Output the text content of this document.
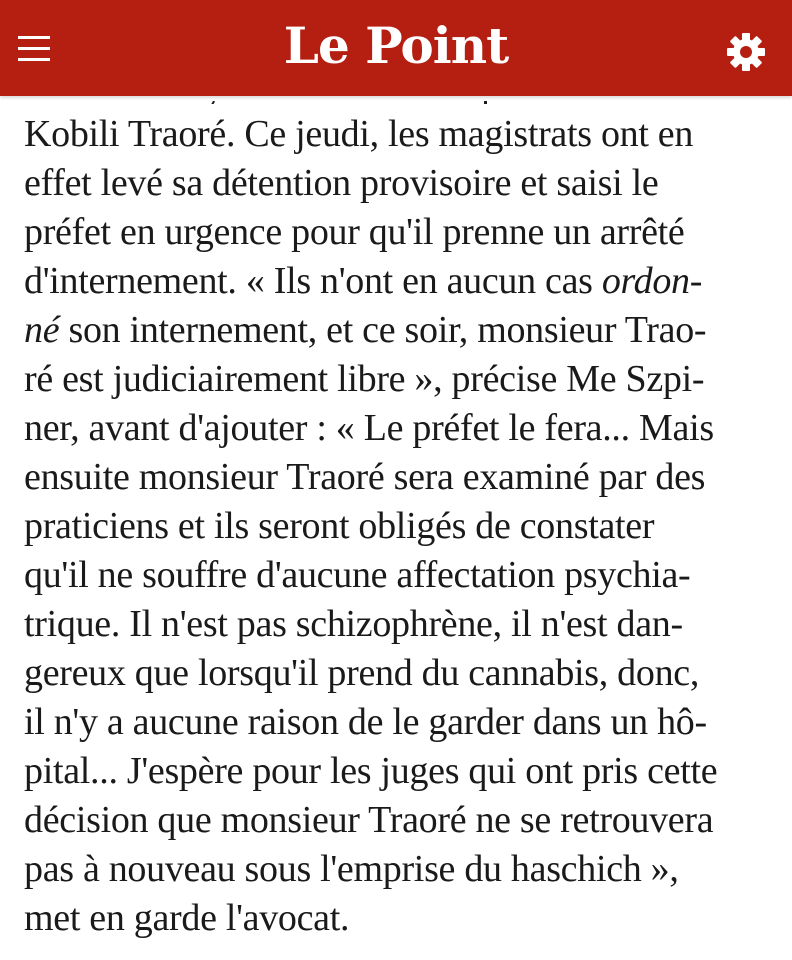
Le Point
Kobili Traoré. Ce jeudi, les magistrats ont en
effet levé sa détention provisoire et saisi le
préfet en urgence pour qu'il prenne un arrêté
d'internement. « Ils n'ont en aucun cas ordon-
né son internement, et ce soir, monsieur Trao-
ré est judiciairement libre », précise Me Szpi-
ner, avant d'ajouter : « Le préfet le fera... Mais
ensuite monsieur Traoré sera examiné par des
praticiens et ils seront obligés de constater
qu'il ne souffre d'aucune affectation psychia-
trique. Il n'est pas schizophrène, il n'est dan-
gereux que lorsqu'il prend du cannabis, donc,
il n'y a aucune raison de le garder dans un hô-
pital... J'espère pour les juges qui ont pris cette
décision que monsieur Traoré ne se retrouvera
pas à nouveau sous l'emprise du haschich »,
met en garde l'avocat.
